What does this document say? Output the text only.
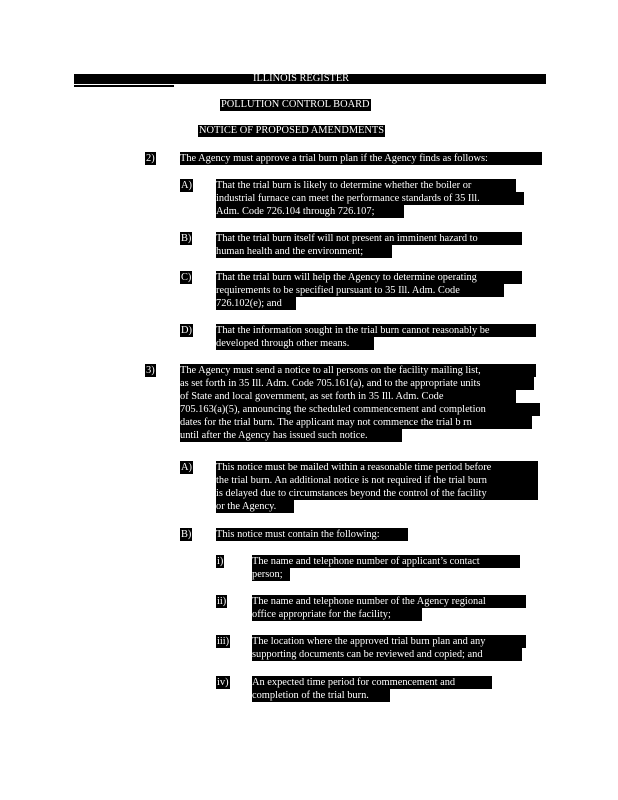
ILLINOIS REGISTER
POLLUTION CONTROL BOARD
NOTICE OF PROPOSED AMENDMENTS
2) The Agency must approve a trial burn plan if the Agency finds as follows:
A) That the trial burn is likely to determine whether the boiler or
industrial furnace can meet the performance standards of 35 Ill.
Adm. Code 726.104 through 726.107;
B) That the trial burn itself will not present an imminent hazard to
human health and the environment;
C) That the trial burn will help the Agency to determine operating
requirements to be specified pursuant to 35 Ill. Adm. Code
726.102(e); and
D) That the information sought in the trial burn cannot reasonably be
developed through other means.
3) The Agency must send a notice to all persons on the facility mailing list,
as set forth in 35 Ill. Adm. Code 705.161(a), and to the appropriate units
of State and local government, as set forth in 35 Ill. Adm. Code
705.163(a)(5), announcing the scheduled commencement and completion
dates for the trial burn. The applicant may not commence the trial b rn
until after the Agency has issued such notice.
A) This notice must be mailed within a reasonable time period before
the trial burn. An additional notice is not required if the trial burn
is delayed due to circumstances beyond the control of the facility
or the Agency.
B) This notice must contain the following:
i)	The name and telephone number of applicant’s contact
person;
ii) The name and telephone number of the Agency regional
office appropriate for the facility;
iii) The location where the approved trial burn plan and any
supporting documents can be reviewed and copied; and
iv) An expected time period for commencement and
completion of the trial burn.
